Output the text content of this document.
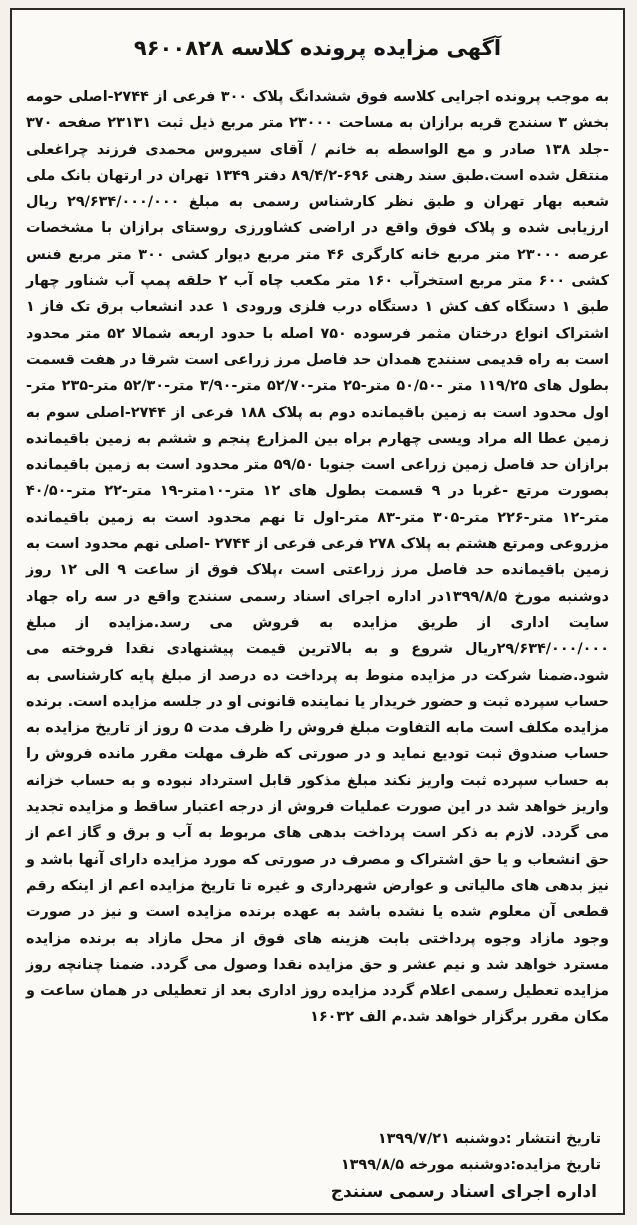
آگهی مزایده پرونده کلاسه ۹۶۰۰۸۲۸
به موجب پرونده اجرایی کلاسه فوق ششدانگ پلاک ۳۰۰ فرعی از ۲۷۴۴-اصلی حومه بخش ۳ سنندج قریه برازان به مساحت ۲۳۰۰۰ متر مربع ذیل ثبت ۲۳۱۳۱ صفحه ۳۷۰ -جلد ۱۳۸ صادر و مع الواسطه به خانم / آقای سیروس محمدی فرزند چراغعلی منتقل شده است.طبق سند رهنی ۶۹۶-۸۹/۴/۲ دفتر ۱۳۴۹ تهران در ارتهان بانک ملی شعبه بهار تهران و طبق نظر کارشناس رسمی به مبلغ ۲۹/۶۳۴/۰۰۰/۰۰۰ ریال ارزیابی شده و پلاک فوق واقع در اراضی کشاورزی روستای برازان با مشخصات عرصه ۲۳۰۰۰ متر مربع خانه کارگری ۴۶ متر مربع دیوار کشی ۳۰۰ متر مربع فنس کشی ۶۰۰ متر مربع استخرآب ۱۶۰ متر مکعب چاه آب ۲ حلقه پمپ آب شناور چهار طبق ۱ دستگاه کف کش ۱ دستگاه درب فلزی ورودی ۱ عدد انشعاب برق تک فاز ۱ اشتراک انواع درختان مثمر فرسوده ۷۵۰ اصله با حدود اربعه شمالا ۵۲ متر محدود است به راه قدیمی سنندج همدان حد فاصل مرز زراعی است شرقا در هفت قسمت بطول های ۱۱۹/۲۵ متر -۵۰/۵۰ متر-۲۵ متر-۵۲/۷۰ متر-۳/۹۰ متر-۵۲/۳۰ متر-۲۳۵ متر-اول محدود است به زمین باقیمانده دوم به پلاک ۱۸۸ فرعی از ۲۷۴۴-اصلی سوم به زمین عطا اله مراد ویسی چهارم براه بین المزارع پنجم و ششم به زمین باقیمانده برازان حد فاصل زمین زراعی است جنوبا ۵۹/۵۰ متر محدود است به زمین باقیمانده بصورت مرتع -غربا در ۹ قسمت بطول های ۱۲ متر-۱۰متر-۱۹ متر-۲۲ متر-۴۰/۵۰ متر-۱۲ متر-۲۲۶ متر-۳۰۵ متر-۸۳ متر-اول تا نهم محدود است به زمین باقیمانده مزروعی ومرتع هشتم به پلاک ۲۷۸ فرعی فرعی از ۲۷۴۴ -اصلی نهم محدود است به زمین باقیمانده حد فاصل مرز زراعتی است ،پلاک فوق از ساعت ۹ الی ۱۲ روز دوشنبه مورخ ۱۳۹۹/۸/۵در اداره اجرای اسناد رسمی سنندج واقع در سه راه جهاد سایت اداری از طریق مزایده به فروش می رسد.مزایده از مبلغ ۲۹/۶۳۴/۰۰۰/۰۰۰ریال شروع و به بالاترین قیمت پیشنهادی نقدا فروخته می شود.ضمنا شرکت در مزایده منوط به پرداخت ده درصد از مبلغ پایه کارشناسی به حساب سپرده ثبت و حضور خریدار یا نماینده قانونی او در جلسه مزایده است. برنده مزایده مکلف است مابه التفاوت مبلغ فروش را ظرف مدت ۵ روز از تاریخ مزایده به حساب صندوق ثبت تودیع نماید و در صورتی که ظرف مهلت مقرر مانده فروش را به حساب سپرده ثبت واریز نکند مبلغ مذکور قابل استرداد نبوده و به حساب خزانه واریز خواهد شد در این صورت عملیات فروش از درجه اعتبار ساقط و مزایده تجدید می گردد. لازم به ذکر است پرداخت بدهی های مربوط به آب و برق و گاز اعم از حق انشعاب و یا حق اشتراک و مصرف در صورتی که مورد مزایده دارای آنها باشد و نیز بدهی های مالیاتی و عوارض شهرداری و غیره تا تاریخ مزایده اعم از اینکه رقم قطعی آن معلوم شده یا نشده باشد به عهده برنده مزایده است و نیز در صورت وجود مازاد وجوه پرداختی بابت هزینه های فوق از محل مازاد به برنده مزایده مسترد خواهد شد و نیم عشر و حق مزایده نقدا وصول می گردد. ضمنا چنانچه روز مزایده تعطیل رسمی اعلام گردد مزایده روز اداری بعد از تعطیلی در همان ساعت و مکان مقرر برگزار خواهد شد.م الف ۱۶۰۳۲
تاریخ انتشار :دوشنبه ۱۳۹۹/۷/۲۱
تاریخ مزایده:دوشنبه مورخه ۱۳۹۹/۸/۵
اداره اجرای اسناد رسمی سنندج
